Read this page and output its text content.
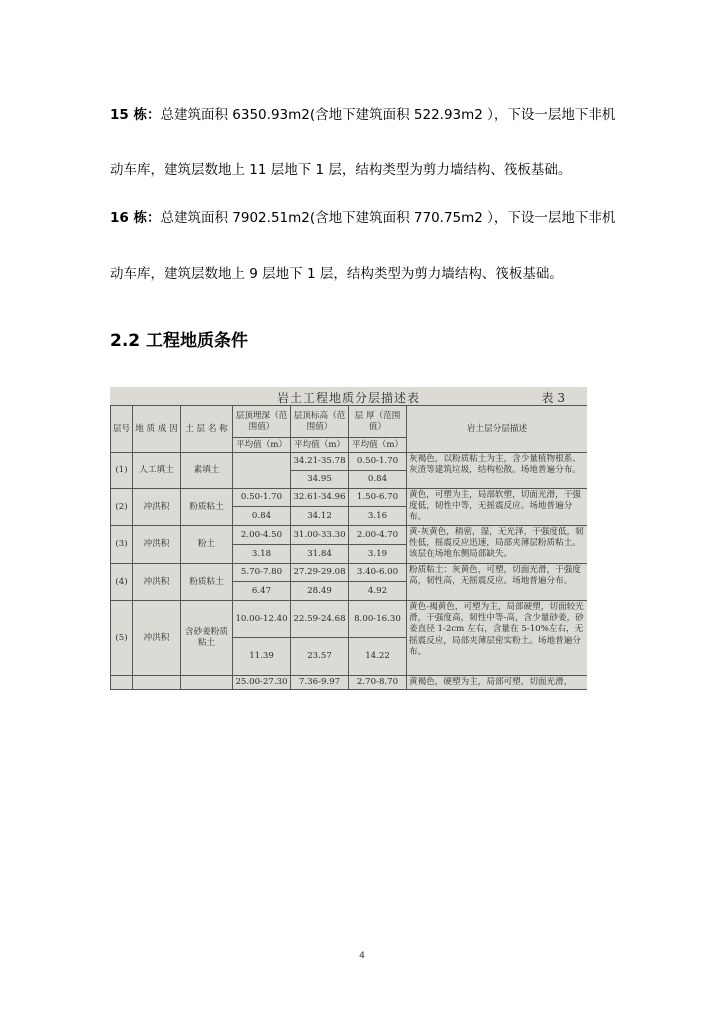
15 栋：总建筑面积 6350.93m2(含地下建筑面积 522.93m2 ），下设一层地下非机
动车库，建筑层数地上 11 层地下 1 层，结构类型为剪力墙结构、筏板基础。
16 栋：总建筑面积 7902.51m2(含地下建筑面积 770.75m2 ），下设一层地下非机
动车库，建筑层数地上 9 层地下 1 层，结构类型为剪力墙结构、筏板基础。
2.2 工程地质条件
岩土工程地质分层描述表	表 3
层号	地 质 成 因	土 层 名 称	层顶埋深（范围值）	层顶标高（范围值）	层 厚（范围值）	岩土层分层描述
			平均值（m）	平均值（m）	平均值（m）	
(1)	人工填土	素填土		34.21-35.78	0.50-1.70	灰褐色，以粉质粘土为主，含少量植物根系、灰渣等建筑垃圾，结构松散。场地普遍分布。
				34.95	0.84	
(2)	冲洪积	粉质粘土	0.50-1.70	32.61-34.96	1.50-6.70	黄色，可塑为主，局部软塑，切面光滑，干强度低，韧性中等，无摇震反应。场地普遍分布。
			0.84	34.12	3.16	
(3)	冲洪积	粉土	2.00-4.50	31.00-33.30	2.00-4.70	黄-灰黄色，稍密，湿，无光泽，干强度低，韧性低，摇震反应迅速，局部夹薄层粉质粘土。该层在场地东侧局部缺失。
			3.18	31.84	3.19	
(4)	冲洪积	粉质粘土	5.70-7.80	27.29-29.08	3.40-6.00	粉质粘土：灰黄色，可塑，切面光滑，干强度高，韧性高，无摇震反应。场地普遍分布。
			6.47	28.49	4.92	
(5)	冲洪积	含砂姜粉质粘土	10.00-12.40	22.59-24.68	8.00-16.30	黄色-褐黄色，可塑为主，局部硬塑，切面较光滑，干强度高，韧性中等-高，含少量砂姜，砂姜直径 1-2cm 左右，含量在 5-10%左右，无摇震反应，局部夹薄层密实粉土。场地普遍分布。
			11.39	23.57	14.22	
			25.00-27.30	7.36-9.97	2.70-8.70	黄褐色，硬塑为主，局部可塑，切面光滑，
4
